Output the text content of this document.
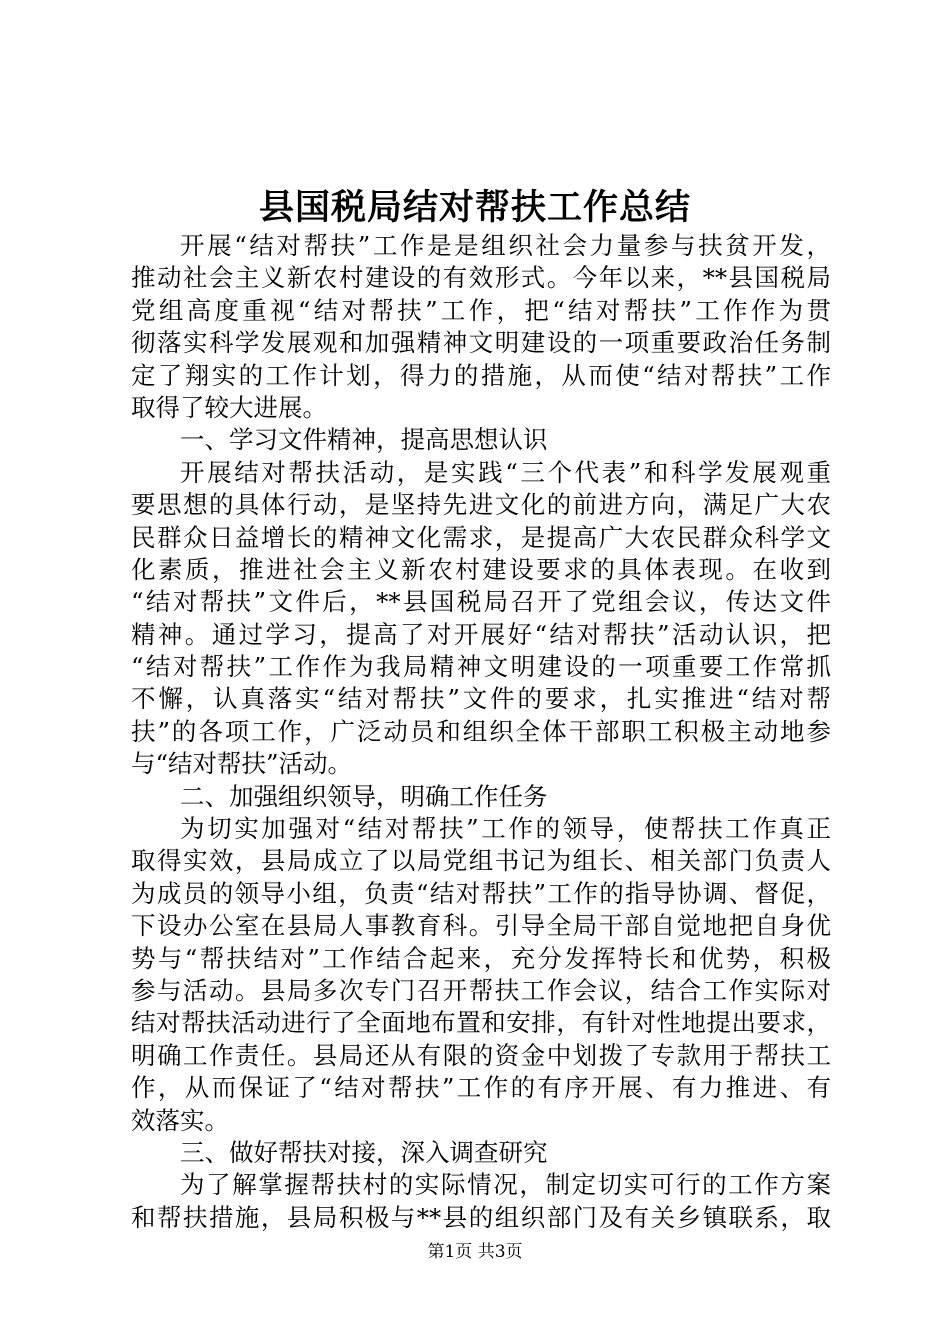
县国税局结对帮扶工作总结
开展“结对帮扶”工作是是组织社会力量参与扶贫开发，
推动社会主义新农村建设的有效形式。今年以来，**县国税局
党组高度重视“结对帮扶”工作，把“结对帮扶”工作作为贯
彻落实科学发展观和加强精神文明建设的一项重要政治任务制
定了翔实的工作计划，得力的措施，从而使“结对帮扶”工作
取得了较大进展。
一、学习文件精神，提高思想认识
开展结对帮扶活动，是实践“三个代表”和科学发展观重
要思想的具体行动，是坚持先进文化的前进方向，满足广大农
民群众日益增长的精神文化需求，是提高广大农民群众科学文
化素质，推进社会主义新农村建设要求的具体表现。在收到
“结对帮扶”文件后，**县国税局召开了党组会议，传达文件
精神。通过学习，提高了对开展好“结对帮扶”活动认识，把
“结对帮扶”工作作为我局精神文明建设的一项重要工作常抓
不懈，认真落实“结对帮扶”文件的要求，扎实推进“结对帮
扶”的各项工作，广泛动员和组织全体干部职工积极主动地参
与“结对帮扶”活动。
二、加强组织领导，明确工作任务
为切实加强对“结对帮扶”工作的领导，使帮扶工作真正
取得实效，县局成立了以局党组书记为组长、相关部门负责人
为成员的领导小组，负责“结对帮扶”工作的指导协调、督促，
下设办公室在县局人事教育科。引导全局干部自觉地把自身优
势与“帮扶结对”工作结合起来，充分发挥特长和优势，积极
参与活动。县局多次专门召开帮扶工作会议，结合工作实际对
结对帮扶活动进行了全面地布置和安排，有针对性地提出要求，
明确工作责任。县局还从有限的资金中划拨了专款用于帮扶工
作，从而保证了“结对帮扶”工作的有序开展、有力推进、有
效落实。
三、做好帮扶对接，深入调查研究
为了解掌握帮扶村的实际情况，制定切实可行的工作方案
和帮扶措施，县局积极与**县的组织部门及有关乡镇联系，取
第1页 共3页
